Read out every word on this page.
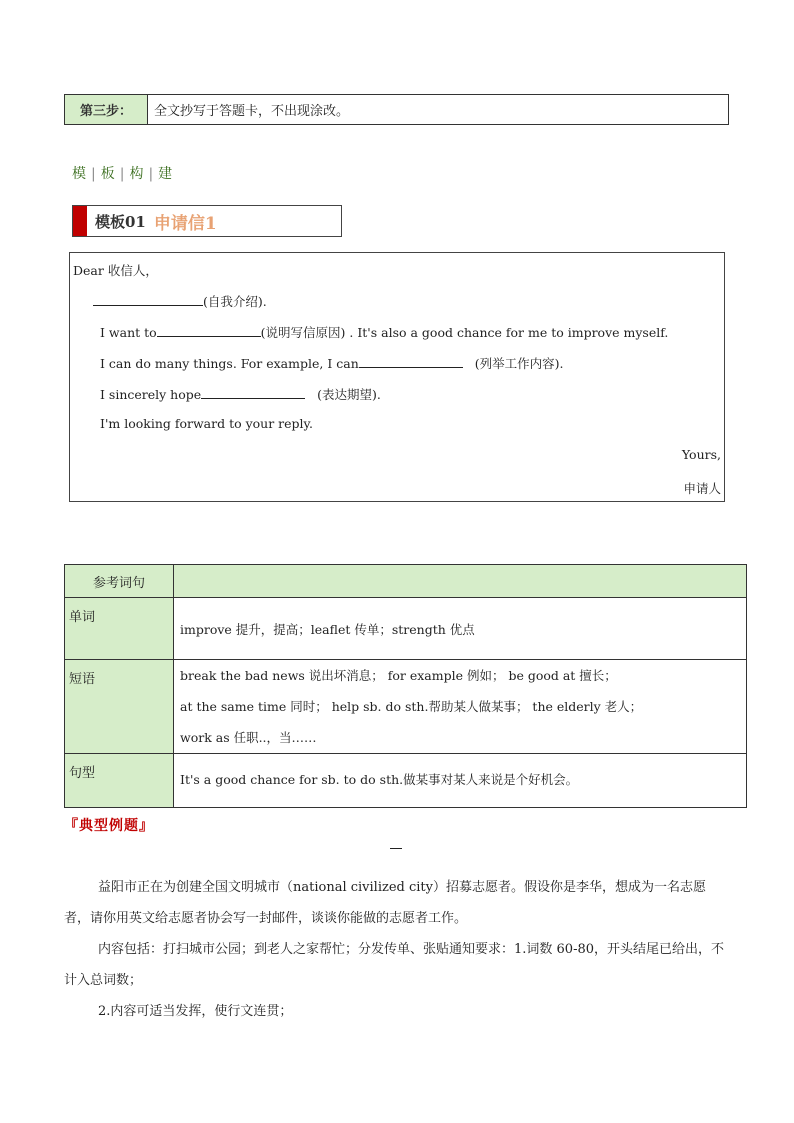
第三步：	全文抄写于答题卡，不出现涂改。
模 | 板 | 构 | 建
模板01 申请信1
Dear 收信人，
(自我介绍).
I want to	(说明写信原因) . It's also a good chance for me to improve myself.
I can do many things. For example, I can	(列举工作内容).
I sincerely hope	(表达期望).
I'm looking forward to your reply.
Yours,
申请人
参考词句	
单词	improve 提升，提高；leaflet 传单；strength 优点

短语	break the bad news 说出坏消息； for example 例如； be good at 擅长；
at the same time 同时； help sb. do sth.帮助某人做某事； the elderly 老人；
work as 任职..，当……

句型	It's a good chance for sb. to do sth.做某事对某人来说是个好机会。
『典型例题』
益阳市正在为创建全国文明城市（national civilized city）招募志愿者。假设你是李华，想成为一名志愿者，请你用英文给志愿者协会写一封邮件，谈谈你能做的志愿者工作。
内容包括：打扫城市公园；到老人之家帮忙；分发传单、张贴通知要求：1.词数 60-80，开头结尾已给出，不计入总词数；
2.内容可适当发挥，使行文连贯；
